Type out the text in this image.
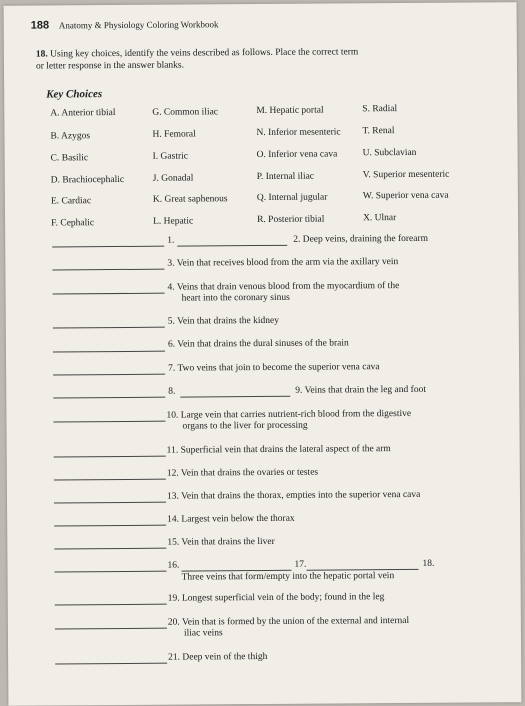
188 Anatomy & Physiology Coloring Workbook
18. Using key choices, identify the veins described as follows. Place the correct term or letter response in the answer blanks.
Key Choices
A. Anterior tibial	G. Common iliac	M. Hepatic portal	S. Radial
B. Azygos	H. Femoral	N. Inferior mesenteric T. Renal
C. Basilic	I. Gastric	O. Inferior vena cava	U. Subclavian
D. Brachiocephalic	J. Gonadal	P. Internal iliac	V. Superior mesenteric
E. Cardiac	K. Great saphenous	Q. Internal jugular	W. Superior vena cava
F. Cephalic	L. Hepatic	R. Posterior tibial	X. Ulnar
1.	2. Deep veins, draining the forearm
3. Vein that receives blood from the arm via the axillary vein
4. Veins that drain venous blood from the myocardium of the
heart into the coronary sinus
5. Vein that drains the kidney
6. Vein that drains the dural sinuses of the brain
7. Two veins that join to become the superior vena cava
8.	9. Veins that drain the leg and foot
10. Large vein that carries nutrient-rich blood from the digestive
organs to the liver for processing
11. Superficial vein that drains the lateral aspect of the arm
12. Vein that drains the ovaries or testes
13. Vein that drains the thorax, empties into the superior vena cava
14. Largest vein below the thorax
15. Vein that drains the liver
16.	17.	18.
Three veins that form/empty into the hepatic portal vein
19. Longest superficial vein of the body; found in the leg
20. Vein that is formed by the union of the external and internal
iliac veins
21. Deep vein of the thigh
